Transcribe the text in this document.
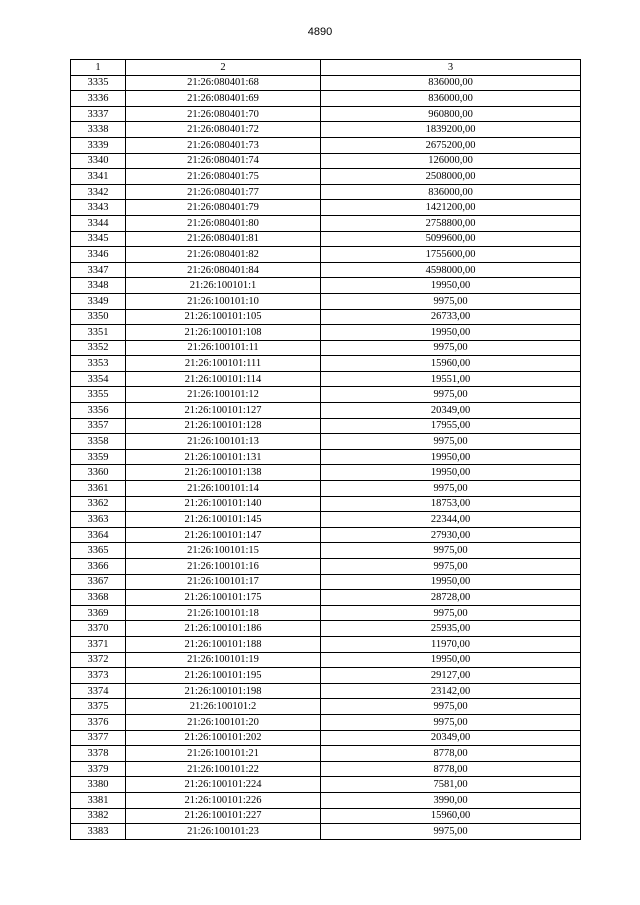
4890
1	2	3
3335	21:26:080401:68	836000,00
3336	21:26:080401:69	836000,00
3337	21:26:080401:70	960800,00
3338	21:26:080401:72	1839200,00
3339	21:26:080401:73	2675200,00
3340	21:26:080401:74	126000,00
3341	21:26:080401:75	2508000,00
3342	21:26:080401:77	836000,00
3343	21:26:080401:79	1421200,00
3344	21:26:080401:80	2758800,00
3345	21:26:080401:81	5099600,00
3346	21:26:080401:82	1755600,00
3347	21:26:080401:84	4598000,00
3348	21:26:100101:1	19950,00
3349	21:26:100101:10	9975,00
3350	21:26:100101:105	26733,00
3351	21:26:100101:108	19950,00
3352	21:26:100101:11	9975,00
3353	21:26:100101:111	15960,00
3354	21:26:100101:114	19551,00
3355	21:26:100101:12	9975,00
3356	21:26:100101:127	20349,00
3357	21:26:100101:128	17955,00
3358	21:26:100101:13	9975,00
3359	21:26:100101:131	19950,00
3360	21:26:100101:138	19950,00
3361	21:26:100101:14	9975,00
3362	21:26:100101:140	18753,00
3363	21:26:100101:145	22344,00
3364	21:26:100101:147	27930,00
3365	21:26:100101:15	9975,00
3366	21:26:100101:16	9975,00
3367	21:26:100101:17	19950,00
3368	21:26:100101:175	28728,00
3369	21:26:100101:18	9975,00
3370	21:26:100101:186	25935,00
3371	21:26:100101:188	11970,00
3372	21:26:100101:19	19950,00
3373	21:26:100101:195	29127,00
3374	21:26:100101:198	23142,00
3375	21:26:100101:2	9975,00
3376	21:26:100101:20	9975,00
3377	21:26:100101:202	20349,00
3378	21:26:100101:21	8778,00
3379	21:26:100101:22	8778,00
3380	21:26:100101:224	7581,00
3381	21:26:100101:226	3990,00
3382	21:26:100101:227	15960,00
3383	21:26:100101:23	9975,00
